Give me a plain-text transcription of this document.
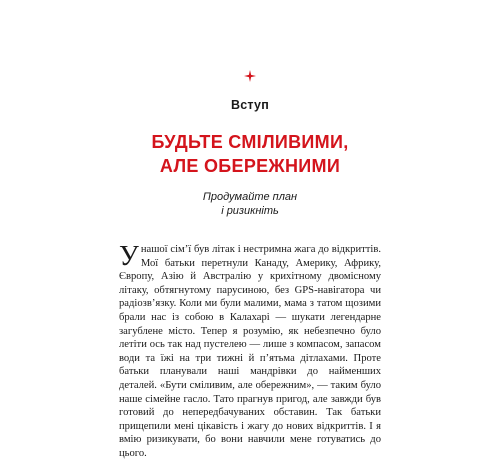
Вступ
БУДЬТЕ СМІЛИВИМИ,
АЛЕ ОБЕРЕЖНИМИ
Продумайте план
і ризикніть

У нашої сім’ї був літак і нестримна жага до відкриттів. Мої батьки перетнули Канаду, Америку, Африку, Європу, Азію й Австралію у крихітному двомісному літаку, обтягнутому парусиною, без GPS-навігатора чи радіозв’язку. Коли ми були малими, мама з татом щозими брали нас із собою в Калахарі — шукати легендарне загублене місто. Тепер я розумію, як небезпечно було летіти ось так над пустелею — лише з компасом, запасом води та їжі на три тижні й п’ятьма дітлахами. Проте батьки планували наші мандрівки до найменших деталей. «Бути сміливим, але обережним», — таким було наше сімейне гасло. Тато прагнув пригод, але завжди був готовий до непередбачуваних обставин. Так батьки прищепили мені цікавість і жагу до нових відкриттів. І я вмію ризикувати, бо вони навчили мене готуватись до цього.
